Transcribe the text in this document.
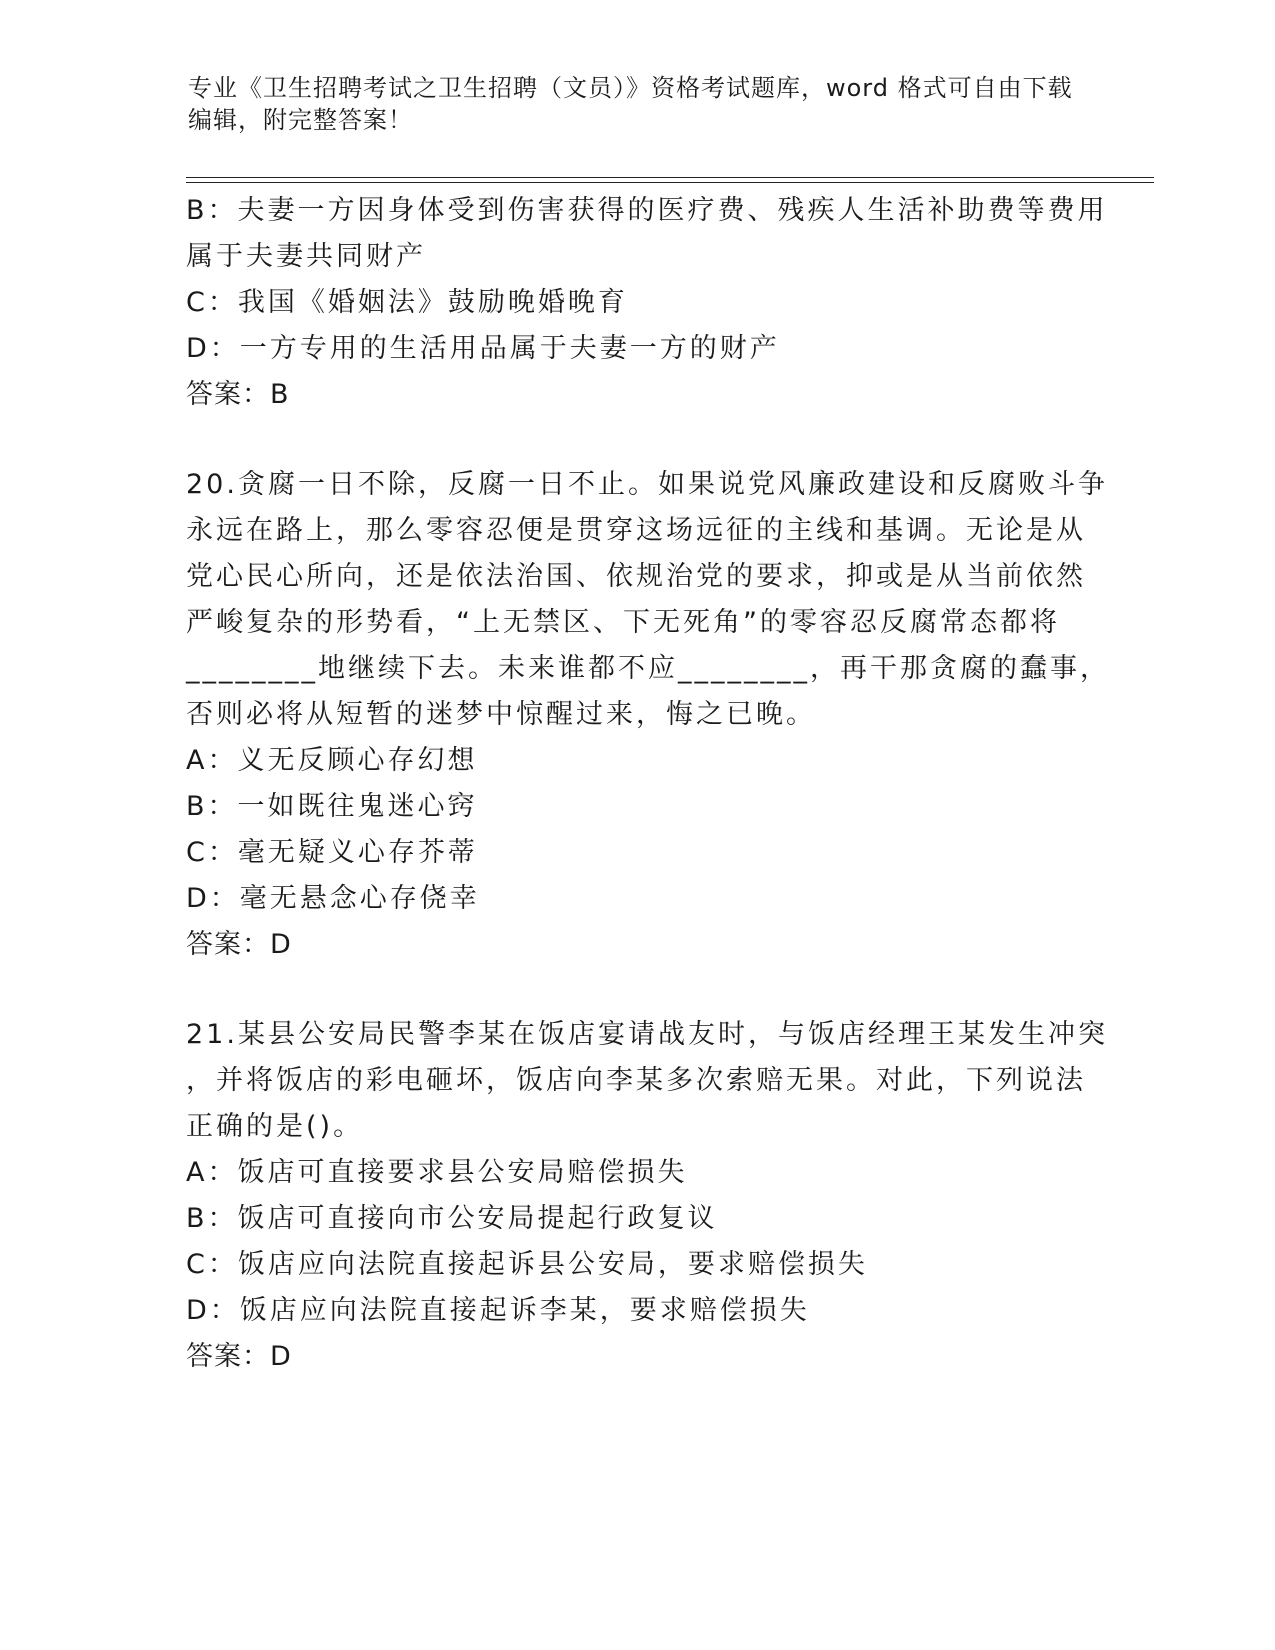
专业《卫生招聘考试之卫生招聘（文员）》资格考试题库，word 格式可自由下载
编辑，附完整答案！
B：夫妻一方因身体受到伤害获得的医疗费、残疾人生活补助费等费用
属于夫妻共同财产
C：我国《婚姻法》鼓励晚婚晚育
D：一方专用的生活用品属于夫妻一方的财产
答案：B
20.贪腐一日不除，反腐一日不止。如果说党风廉政建设和反腐败斗争
永远在路上，那么零容忍便是贯穿这场远征的主线和基调。无论是从
党心民心所向，还是依法治国、依规治党的要求，抑或是从当前依然
严峻复杂的形势看，“上无禁区、下无死角”的零容忍反腐常态都将
________地继续下去。未来谁都不应________，再干那贪腐的蠢事，
否则必将从短暂的迷梦中惊醒过来，悔之已晚。
A：义无反顾心存幻想
B：一如既往鬼迷心窍
C：毫无疑义心存芥蒂
D：毫无悬念心存侥幸
答案：D
21.某县公安局民警李某在饭店宴请战友时，与饭店经理王某发生冲突
，并将饭店的彩电砸坏，饭店向李某多次索赔无果。对此，下列说法
正确的是()。
A：饭店可直接要求县公安局赔偿损失
B：饭店可直接向市公安局提起行政复议
C：饭店应向法院直接起诉县公安局，要求赔偿损失
D：饭店应向法院直接起诉李某，要求赔偿损失
答案：D
